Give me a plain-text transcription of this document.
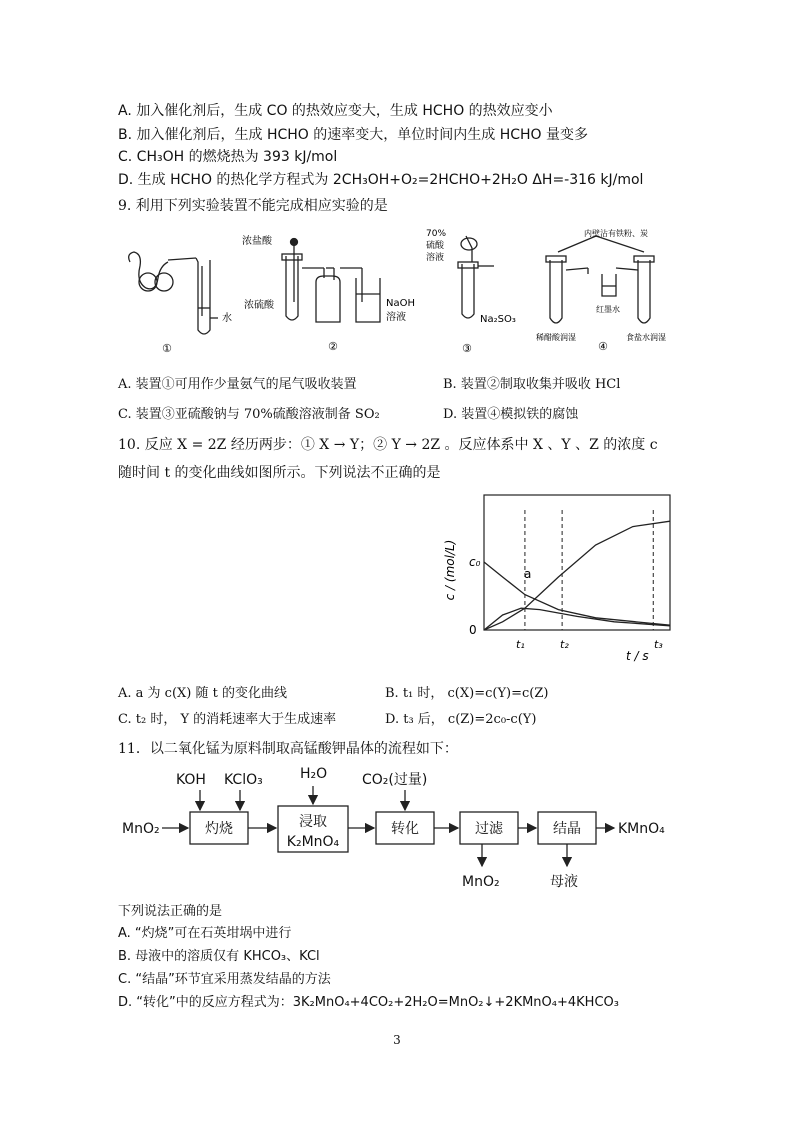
A. 加入催化剂后，生成 CO 的热效应变大，生成 HCHO 的热效应变小
B. 加入催化剂后，生成 HCHO 的速率变大，单位时间内生成 HCHO 量变多
C. CH₃OH 的燃烧热为 393 kJ/mol
D. 生成 HCHO 的热化学方程式为 2CH₃OH+O₂=2HCHO+2H₂O ΔH=-316 kJ/mol
9. 利用下列实验装置不能完成相应实验的是
水
浓盐酸
浓硫酸	NaOH
溶液
70%
硫酸
溶液
Na₂SO₃
内壁沾有铁粉、炭
红墨水
稀醋酸润湿	食盐水润湿
①	②	③	④
A. 装置①可用作少量氨气的尾气吸收装置	B. 装置②制取收集并吸收 HCl
C. 装置③亚硫酸钠与 70%硫酸溶液制备 SO₂	D. 装置④模拟铁的腐蚀
10. 反应 X = 2Z 经历两步：① X → Y；② Y → 2Z 。反应体系中 X 、Y 、Z 的浓度 c
随时间 t 的变化曲线如图所示。下列说法不正确的是
c / (mol/L)
t / s
c₀
0
t₁	t₂	t₃
a
A. a 为 c(X) 随 t 的变化曲线	B. t₁ 时， c(X)=c(Y)=c(Z)
C. t₂ 时， Y 的消耗速率大于生成速率	D. t₃ 后， c(Z)=2c₀-c(Y)
11．以二氧化锰为原料制取高锰酸钾晶体的流程如下：
MnO₂
KOH KClO₃
灼烧
H₂O
浸取
K₂MnO₄
CO₂(过量)
转化	过滤
MnO₂
结晶
母液
KMnO₄
下列说法正确的是
A. “灼烧”可在石英坩埚中进行
B. 母液中的溶质仅有 KHCO₃、KCl
C. “结晶”环节宜采用蒸发结晶的方法
D. “转化”中的反应方程式为：3K₂MnO₄+4CO₂+2H₂O=MnO₂↓+2KMnO₄+4KHCO₃
3
